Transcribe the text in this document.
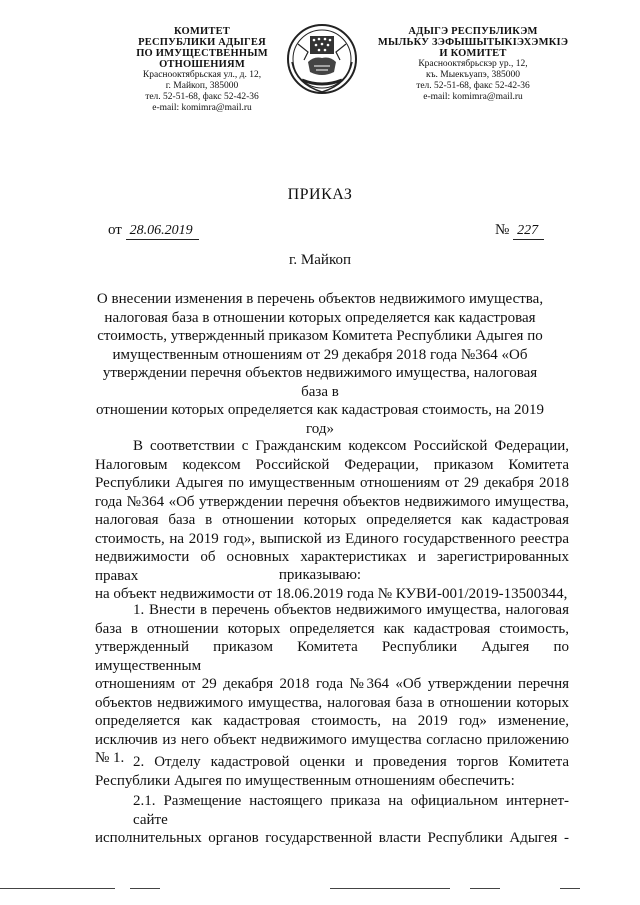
КОМИТЕТ
РЕСПУБЛИКИ АДЫГЕЯ
ПО ИМУЩЕСТВЕННЫМ ОТНОШЕНИЯМ
Краснооктябрьская ул., д. 12,
г. Майкоп, 385000
тел. 52-51-68, факс 52-42-36
e-mail: komimra@mail.ru
АДЫГЭ РЕСПУБЛИКЭМ
МЫЛЬКУ ЗЭФЫШЫТЫКIЭХЭМКIЭ
И КОМИТЕТ
Краснооктябрьскэр ур., 12,
къ. Мыекъуапэ, 385000
тел. 52-51-68, факс 52-42-36
e-mail: komimra@mail.ru
ПРИКАЗ
от 28.06.2019	№ 227
г. Майкоп
О внесении изменения в перечень объектов недвижимого имущества,
налоговая база в отношении которых определяется как кадастровая
стоимость, утвержденный приказом Комитета Республики Адыгея по
имущественным отношениям от 29 декабря 2018 года №364 «Об
утверждении перечня объектов недвижимого имущества, налоговая база в
отношении которых определяется как кадастровая стоимость, на 2019 год»
В соответствии с Гражданским кодексом Российской Федерации,
Налоговым кодексом Российской Федерации, приказом Комитета
Республики Адыгея по имущественным отношениям от 29 декабря 2018
года №364 «Об утверждении перечня объектов недвижимого имущества,
налоговая база в отношении которых определяется как кадастровая
стоимость, на 2019 год», выпиской из Единого государственного реестра
недвижимости об основных характеристиках и зарегистрированных правах
на объект недвижимости от 18.06.2019 года № КУВИ-001/2019-13500344,
приказываю:
1. Внести в перечень объектов недвижимого имущества, налоговая
база в отношении которых определяется как кадастровая стоимость,
утвержденный приказом Комитета Республики Адыгея по имущественным
отношениям от 29 декабря 2018 года №364 «Об утверждении перечня
объектов недвижимого имущества, налоговая база в отношении которых
определяется как кадастровая стоимость, на 2019 год» изменение,
исключив из него объект недвижимого имущества согласно приложению
№ 1. 2. Отделу кадастровой оценки и проведения торгов Комитета
Республики Адыгея по имущественным отношениям обеспечить:
2.1. Размещение настоящего приказа на официальном интернет-сайте
исполнительных органов государственной власти Республики Адыгея -
